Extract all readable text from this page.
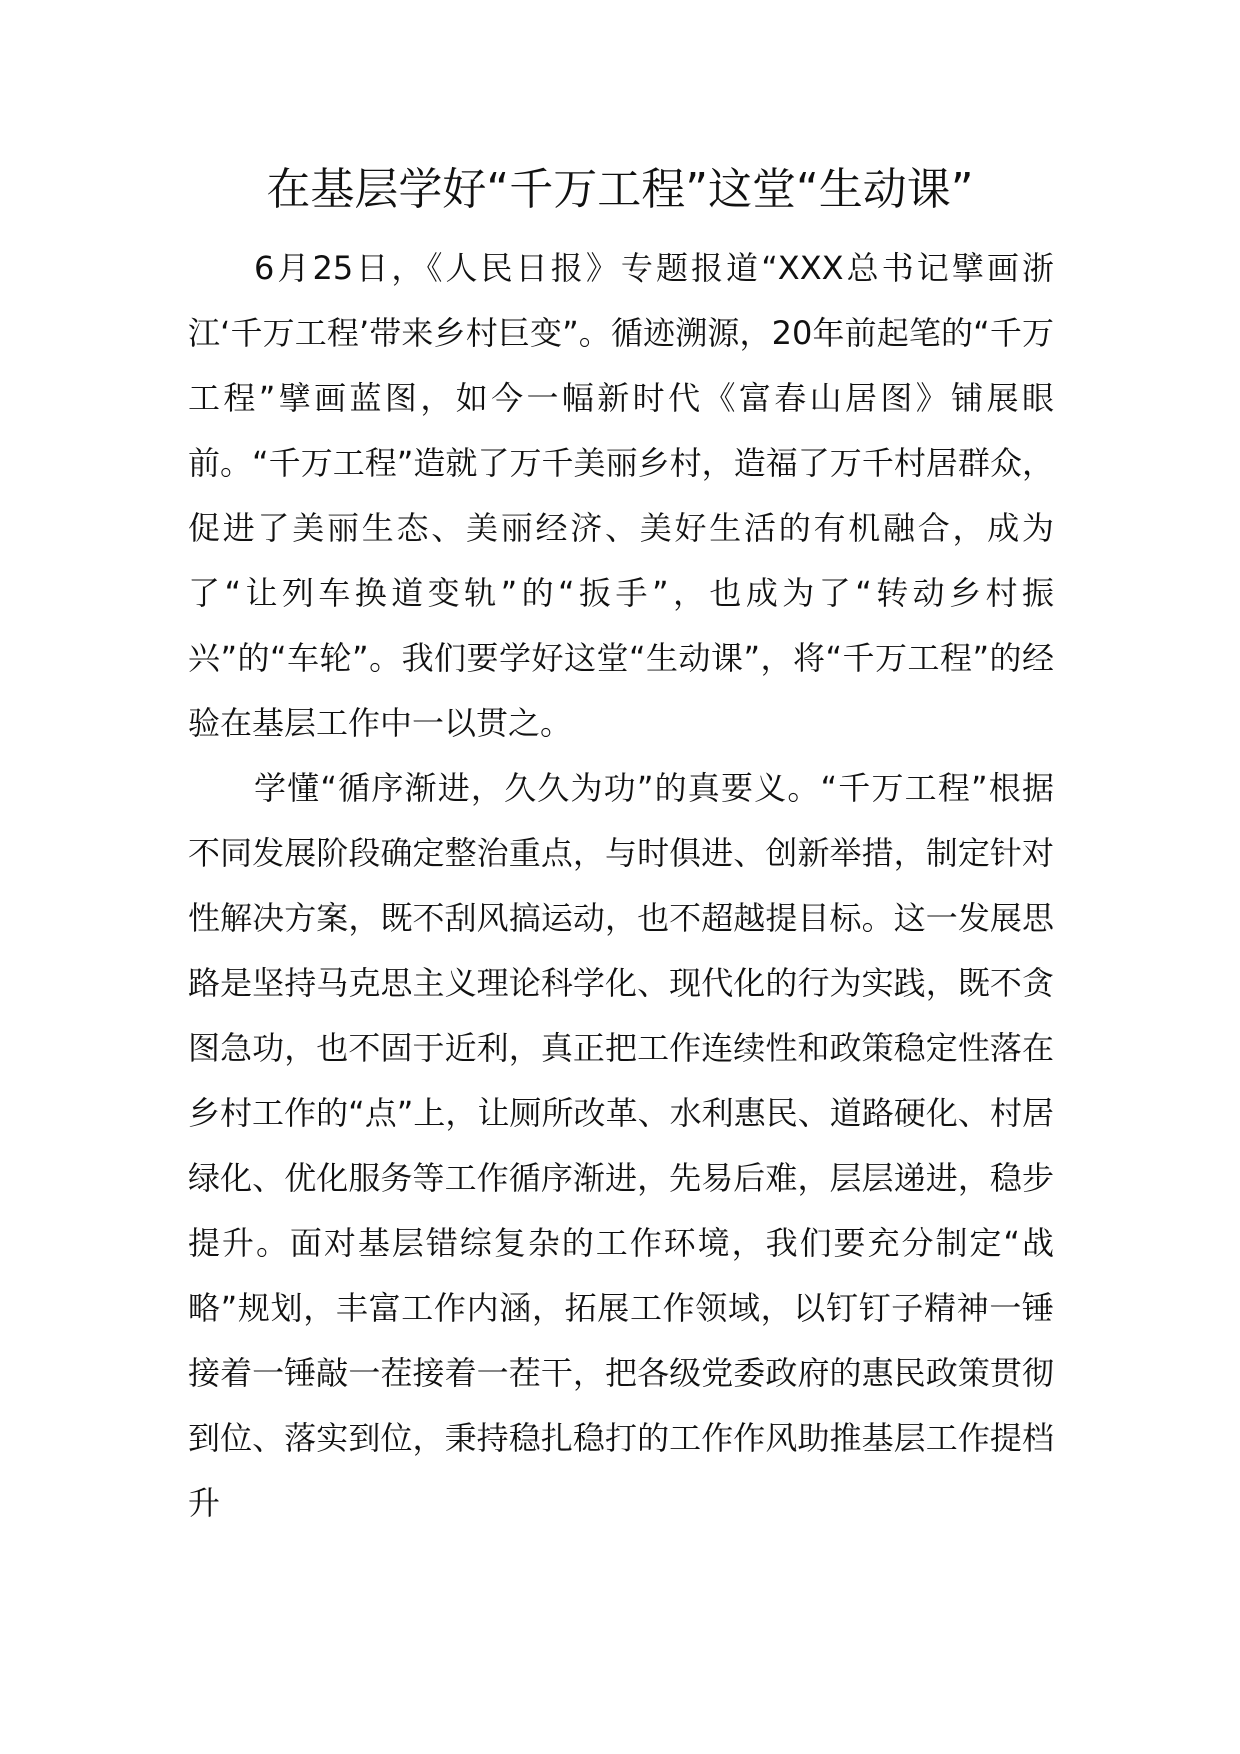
在基层学好“千万工程”这堂“生动课”

6月25日，《人民日报》专题报道“XXX总书记擘画浙江‘千万工程’带来乡村巨变”。循迹溯源，20年前起笔的“千万工程”擘画蓝图，如今一幅新时代《富春山居图》铺展眼前。“千万工程”造就了万千美丽乡村，造福了万千村居群众，促进了美丽生态、美丽经济、美好生活的有机融合，成为了“让列车换道变轨”的“扳手”，也成为了“转动乡村振兴”的“车轮”。我们要学好这堂“生动课”，将“千万工程”的经验在基层工作中一以贯之。

学懂“循序渐进，久久为功”的真要义。“千万工程”根据不同发展阶段确定整治重点，与时俱进、创新举措，制定针对性解决方案，既不刮风搞运动，也不超越提目标。这一发展思路是坚持马克思主义理论科学化、现代化的行为实践，既不贪图急功，也不固于近利，真正把工作连续性和政策稳定性落在乡村工作的“点”上，让厕所改革、水利惠民、道路硬化、村居绿化、优化服务等工作循序渐进，先易后难，层层递进，稳步提升。面对基层错综复杂的工作环境，我们要充分制定“战略”规划，丰富工作内涵，拓展工作领域，以钉钉子精神一锤接着一锤敲一茬接着一茬干，把各级党委政府的惠民政策贯彻到位、落实到位，秉持稳扎稳打的工作作风助推基层工作提档升
